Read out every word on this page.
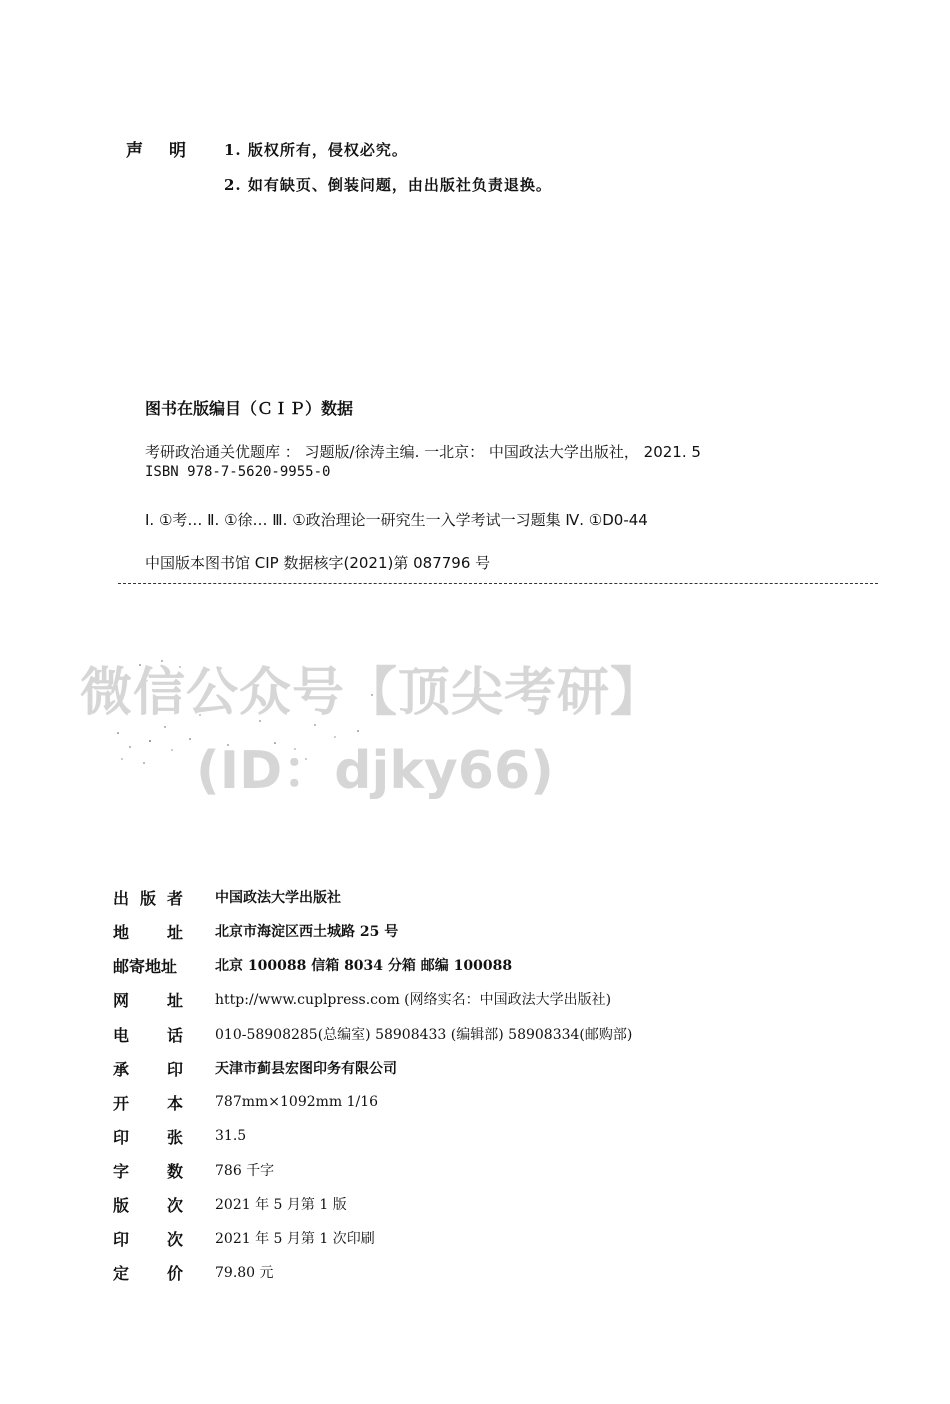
声明 1. 版权所有，侵权必究。
2. 如有缺页、倒装问题，由出版社负责退换。
图书在版编目（ＣＩＰ）数据
考研政治通关优题库 ： 习题版/徐涛主编. 一北京： 中国政法大学出版社， 2021. 5
ISBN 978-7-5620-9955-0
Ⅰ. ①考… Ⅱ. ①徐… Ⅲ. ①政治理论一研究生一入学考试一习题集 Ⅳ. ①D0-44
中国版本图书馆 CIP 数据核字(2021)第 087796 号
微信公众号【顶尖考研】
(ID：djky66)
出 版 者 中国政法大学出版社
地 址 北京市海淀区西土城路 25 号
邮寄地址	北京 100088 信箱 8034 分箱 邮编 100088
网 址 http://www.cuplpress.com (网络实名：中国政法大学出版社)
电 话 010-58908285(总编室) 58908433 (编辑部) 58908334(邮购部)
承 印 天津市蓟县宏图印务有限公司
开 本 787mm×1092mm 1/16
印 张 31.5
字 数 786 千字
版 次 2021 年 5 月第 1 版
印 次 2021 年 5 月第 1 次印刷
定 价 79.80 元
